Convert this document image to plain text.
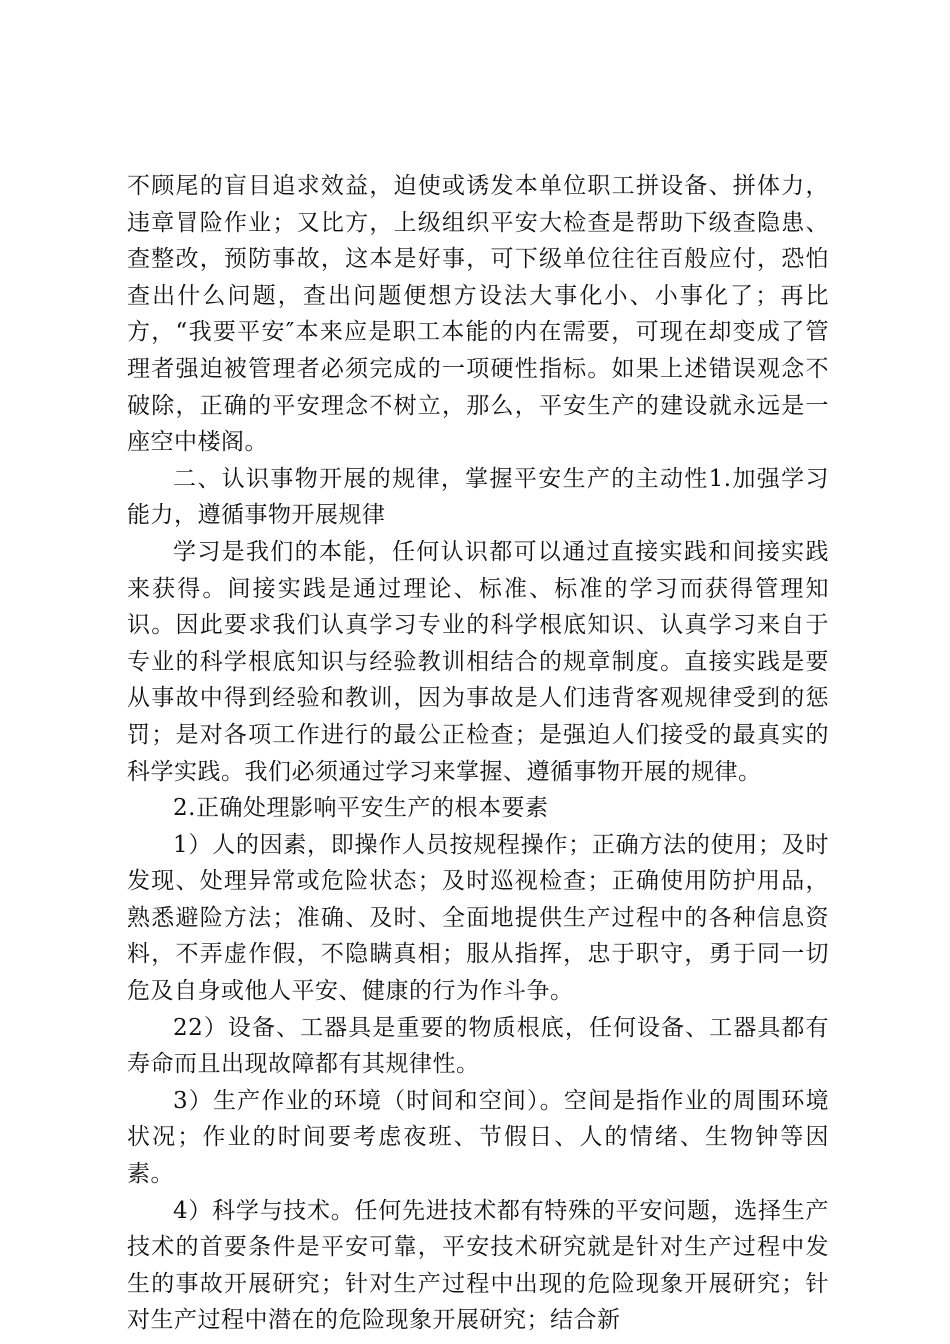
不顾尾的盲目追求效益，迫使或诱发本单位职工拼设备、拼体力，违章冒险作业；又比方，上级组织平安大检查是帮助下级查隐患、查整改，预防事故，这本是好事，可下级单位往往百般应付，恐怕查出什么问题，查出问题便想方设法大事化小、小事化了；再比方，“我要平安″本来应是职工本能的内在需要，可现在却变成了管理者强迫被管理者必须完成的一项硬性指标。如果上述错误观念不破除，正确的平安理念不树立，那么，平安生产的建设就永远是一座空中楼阁。

二、认识事物开展的规律，掌握平安生产的主动性1.加强学习能力，遵循事物开展规律

学习是我们的本能，任何认识都可以通过直接实践和间接实践来获得。间接实践是通过理论、标准、标准的学习而获得管理知识。因此要求我们认真学习专业的科学根底知识、认真学习来自于专业的科学根底知识与经验教训相结合的规章制度。直接实践是要从事故中得到经验和教训，因为事故是人们违背客观规律受到的惩罚；是对各项工作进行的最公正检查；是强迫人们接受的最真实的科学实践。我们必须通过学习来掌握、遵循事物开展的规律。

2.正确处理影响平安生产的根本要素

1）人的因素，即操作人员按规程操作；正确方法的使用；及时发现、处理异常或危险状态；及时巡视检查；正确使用防护用品，熟悉避险方法；准确、及时、全面地提供生产过程中的各种信息资料，不弄虚作假，不隐瞒真相；服从指挥，忠于职守，勇于同一切危及自身或他人平安、健康的行为作斗争。

22）设备、工器具是重要的物质根底，任何设备、工器具都有寿命而且出现故障都有其规律性。

3）生产作业的环境（时间和空间）。空间是指作业的周围环境状况；作业的时间要考虑夜班、节假日、人的情绪、生物钟等因素。

4）科学与技术。任何先进技术都有特殊的平安问题，选择生产技术的首要条件是平安可靠，平安技术研究就是针对生产过程中发生的事故开展研究；针对生产过程中出现的危险现象开展研究；针对生产过程中潜在的危险现象开展研究；结合新
